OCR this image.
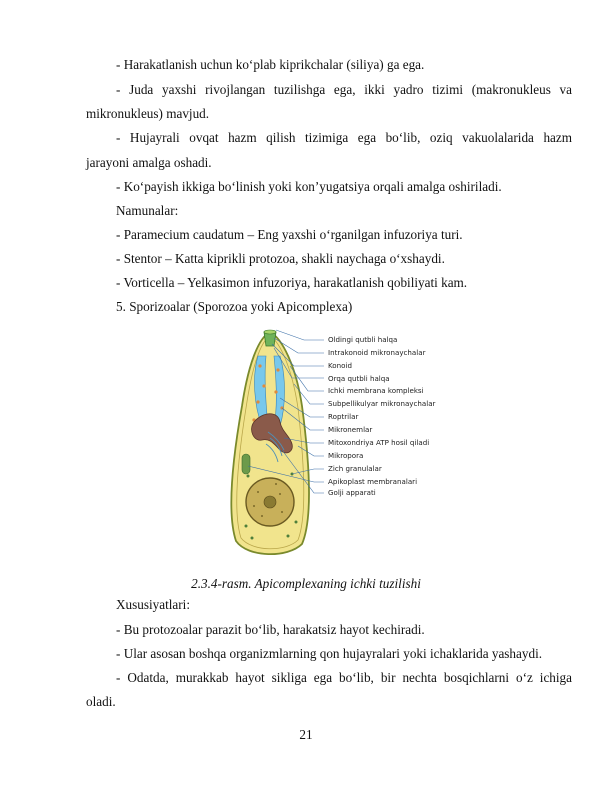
- Harakatlanish uchun ko‘plab kiprikchalar (siliya) ga ega.
- Juda yaxshi rivojlangan tuzilishga ega, ikki yadro tizimi (makronukleus va
mikronukleus) mavjud.
- Hujayrali ovqat hazm qilish tizimiga ega bo‘lib, oziq vakuolalarida hazm
jarayoni amalga oshadi.
- Ko‘payish ikkiga bo‘linish yoki kon’yugatsiya orqali amalga oshiriladi.
Namunalar:
- Paramecium caudatum – Eng yaxshi o‘rganilgan infuzoriya turi.
- Stentor – Katta kiprikli protozoa, shakli naychaga o‘xshaydi.
- Vorticella – Yelkasimon infuzoriya, harakatlanish qobiliyati kam.
5. Sporizoalar (Sporozoa yoki Apicomplexa)
Oldingi qutbli halqa
Intrakonoid mikronaychalar
Konoid
Orqa qutbli halqa
Ichki membrana kompleksi
Subpellikulyar mikronaychalar
Roptrilar
Mikronemlar
Mitoxondriya ATP hosil qiladi
Mikropora
Zich granulalar
Apikoplast membranalari
Golji apparati
2.3.4-rasm. Apicomplexaning ichki tuzilishi
Xususiyatlari:
- Bu protozoalar parazit bo‘lib, harakatsiz hayot kechiradi.
- Ular asosan boshqa organizmlarning qon hujayralari yoki ichaklarida yashaydi.
- Odatda, murakkab hayot sikliga ega bo‘lib, bir nechta bosqichlarni o‘z ichiga
oladi.
21
